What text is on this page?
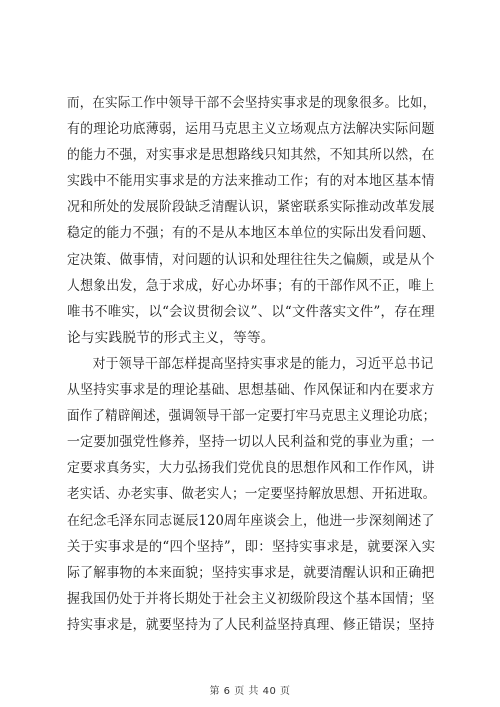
而，在实际工作中领导干部不会坚持实事求是的现象很多。比如，
有的理论功底薄弱，运用马克思主义立场观点方法解决实际问题
的能力不强，对实事求是思想路线只知其然，不知其所以然，在
实践中不能用实事求是的方法来推动工作；有的对本地区基本情
况和所处的发展阶段缺乏清醒认识，紧密联系实际推动改革发展
稳定的能力不强；有的不是从本地区本单位的实际出发看问题、
定决策、做事情，对问题的认识和处理往往失之偏颇，或是从个
人想象出发，急于求成，好心办坏事；有的干部作风不正，唯上
唯书不唯实，以“会议贯彻会议”、以“文件落实文件”，存在理
论与实践脱节的形式主义，等等。
对于领导干部怎样提高坚持实事求是的能力，习近平总书记
从坚持实事求是的理论基础、思想基础、作风保证和内在要求方
面作了精辟阐述，强调领导干部一定要打牢马克思主义理论功底；
一定要加强党性修养，坚持一切以人民利益和党的事业为重；一
定要求真务实，大力弘扬我们党优良的思想作风和工作作风，讲
老实话、办老实事、做老实人；一定要坚持解放思想、开拓进取。
在纪念毛泽东同志诞辰120周年座谈会上，他进一步深刻阐述了
关于实事求是的“四个坚持”，即：坚持实事求是，就要深入实
际了解事物的本来面貌；坚持实事求是，就要清醒认识和正确把
握我国仍处于并将长期处于社会主义初级阶段这个基本国情；坚
持实事求是，就要坚持为了人民利益坚持真理、修正错误；坚持
第 6 页 共 40 页
